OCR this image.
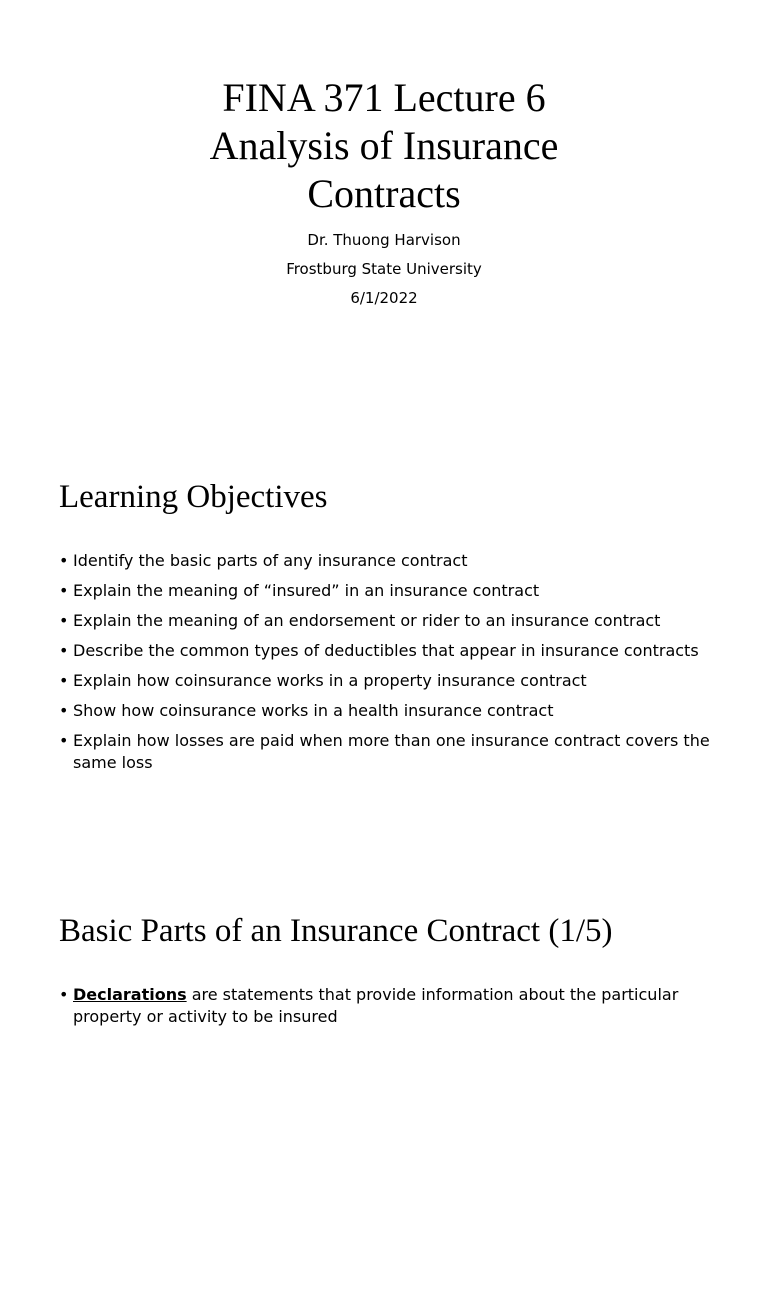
FINA 371 Lecture 6
Analysis of Insurance
Contracts
Dr. Thuong Harvison
Frostburg State University
6/1/2022
Learning Objectives
• Identify the basic parts of any insurance contract
• Explain the meaning of “insured” in an insurance contract
• Explain the meaning of an endorsement or rider to an insurance contract
• Describe the common types of deductibles that appear in insurance contracts
• Explain how coinsurance works in a property insurance contract
• Show how coinsurance works in a health insurance contract
• Explain how losses are paid when more than one insurance contract covers the same loss
Basic Parts of an Insurance Contract (1/5)
• Declarations are statements that provide information about the particular property or activity to be insured
